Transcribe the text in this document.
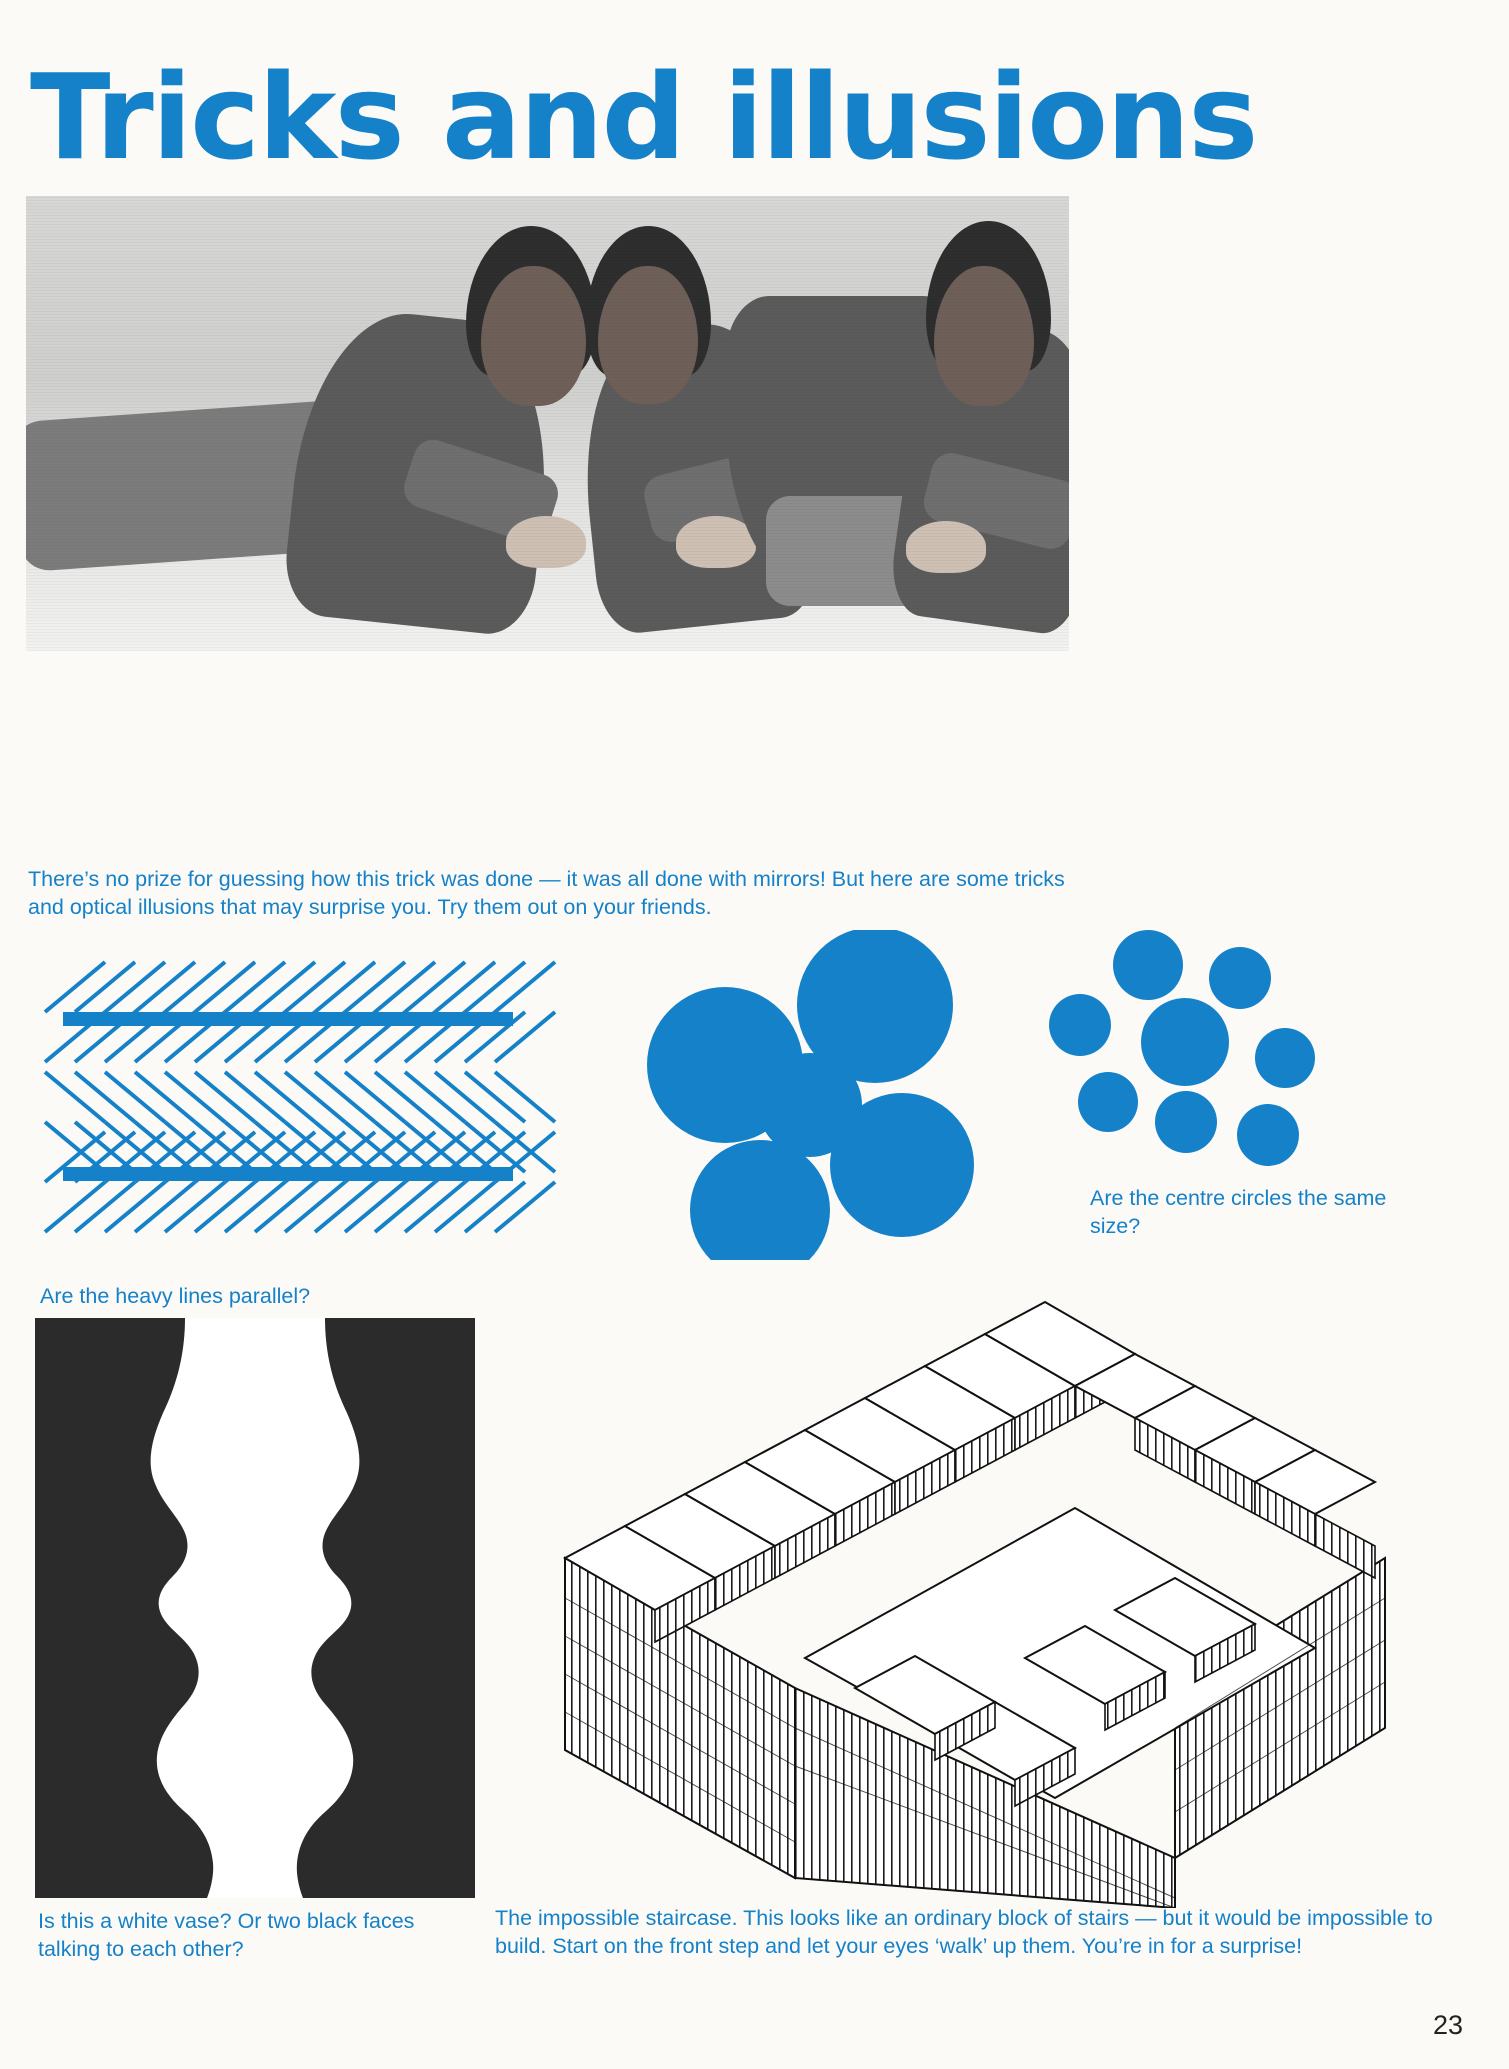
Tricks and illusions
There’s no prize for guessing how this trick was done — it was all done with mirrors! But here are some tricks and optical illusions that may surprise you. Try them out on your friends.
Are the heavy lines parallel?
Are the centre circles the same size?
Is this a white vase? Or two black faces talking to each other?
The impossible staircase. This looks like an ordinary block of stairs — but it would be impossible to build. Start on the front step and let your eyes ‘walk’ up them. You’re in for a surprise!
23
